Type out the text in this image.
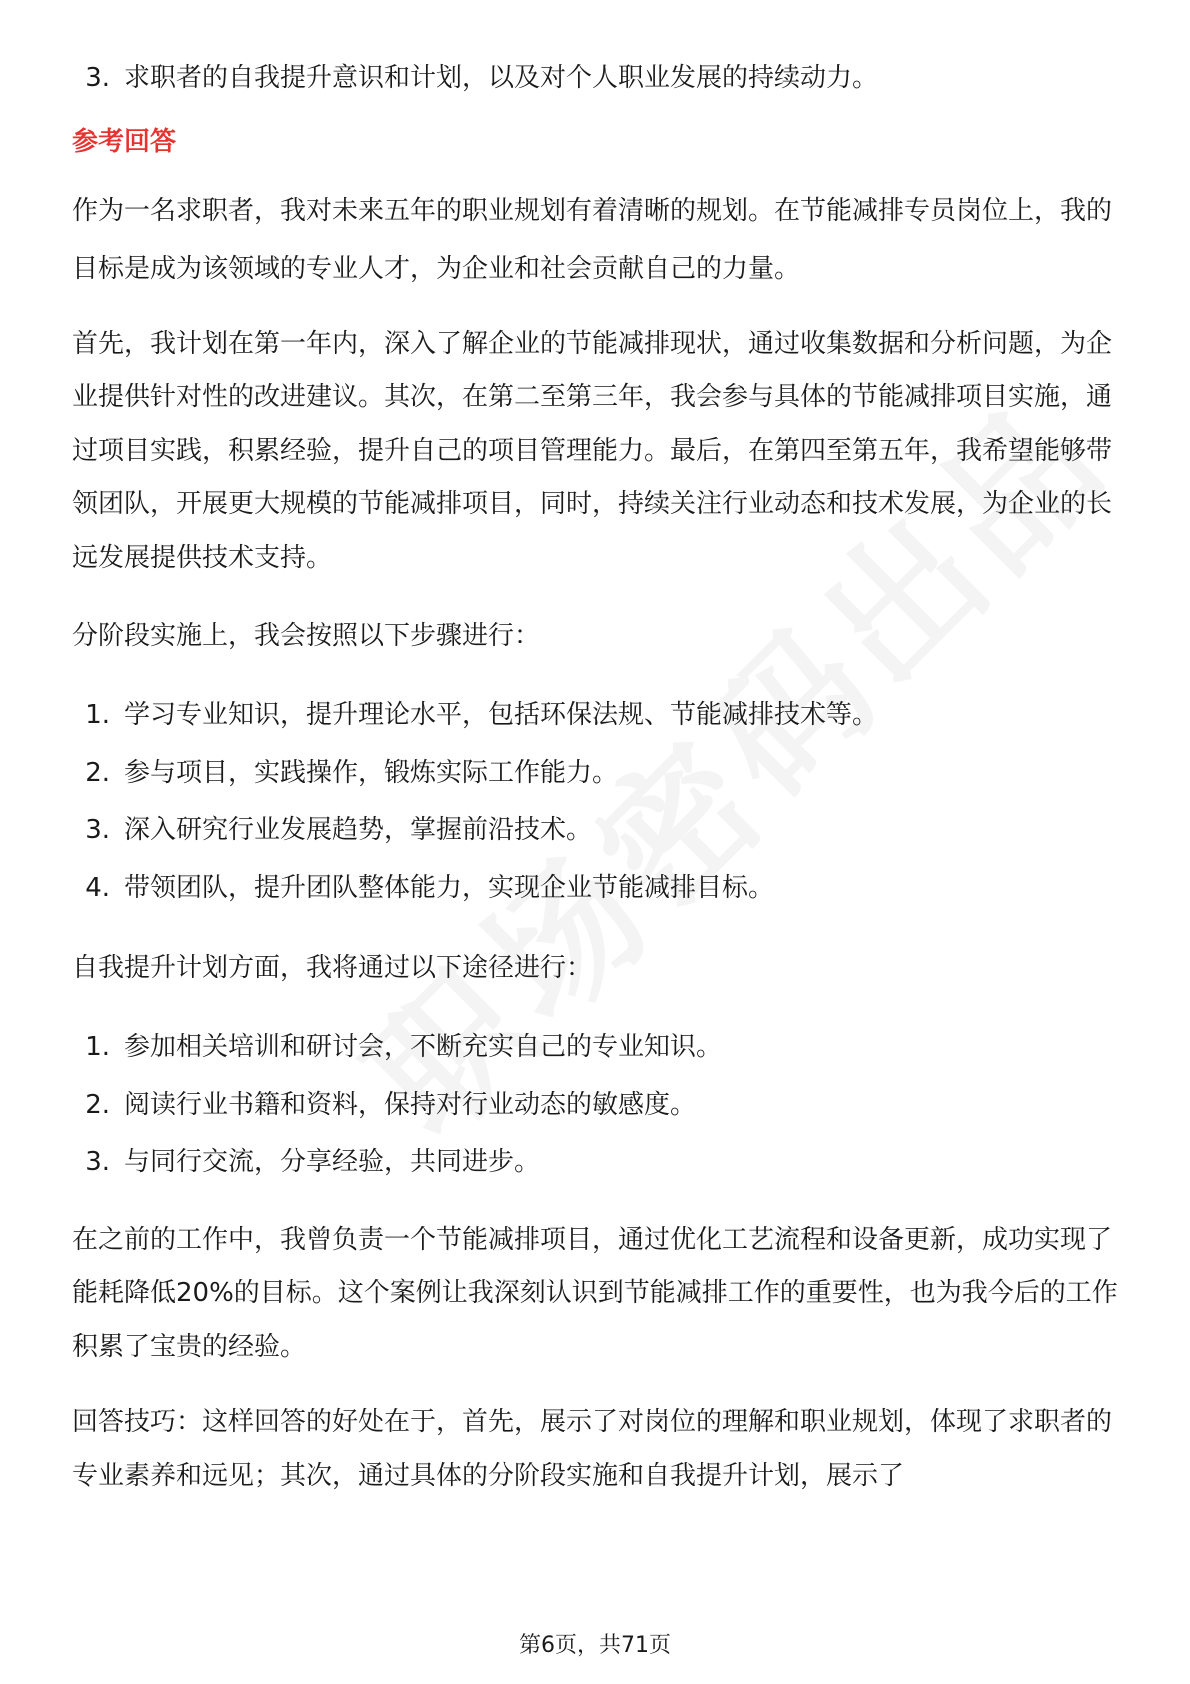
3. 求职者的自我提升意识和计划，以及对个人职业发展的持续动力。

参考回答

作为一名求职者，我对未来五年的职业规划有着清晰的规划。在节能减排专员岗位上，我的目标是成为该领域的专业人才，为企业和社会贡献自己的力量。

首先，我计划在第一年内，深入了解企业的节能减排现状，通过收集数据和分析问题，为企业提供针对性的改进建议。其次，在第二至第三年，我会参与具体的节能减排项目实施，通过项目实践，积累经验，提升自己的项目管理能力。最后，在第四至第五年，我希望能够带领团队，开展更大规模的节能减排项目，同时，持续关注行业动态和技术发展，为企业的长远发展提供技术支持。

分阶段实施上，我会按照以下步骤进行：

1. 学习专业知识，提升理论水平，包括环保法规、节能减排技术等。
2. 参与项目，实践操作，锻炼实际工作能力。
3. 深入研究行业发展趋势，掌握前沿技术。
4. 带领团队，提升团队整体能力，实现企业节能减排目标。

自我提升计划方面，我将通过以下途径进行：

1. 参加相关培训和研讨会，不断充实自己的专业知识。
2. 阅读行业书籍和资料，保持对行业动态的敏感度。
3. 与同行交流，分享经验，共同进步。

在之前的工作中，我曾负责一个节能减排项目，通过优化工艺流程和设备更新，成功实现了能耗降低20%的目标。这个案例让我深刻认识到节能减排工作的重要性，也为我今后的工作积累了宝贵的经验。

回答技巧：这样回答的好处在于，首先，展示了对岗位的理解和职业规划，体现了求职者的专业素养和远见；其次，通过具体的分阶段实施和自我提升计划，展示了

第6页，共71页
